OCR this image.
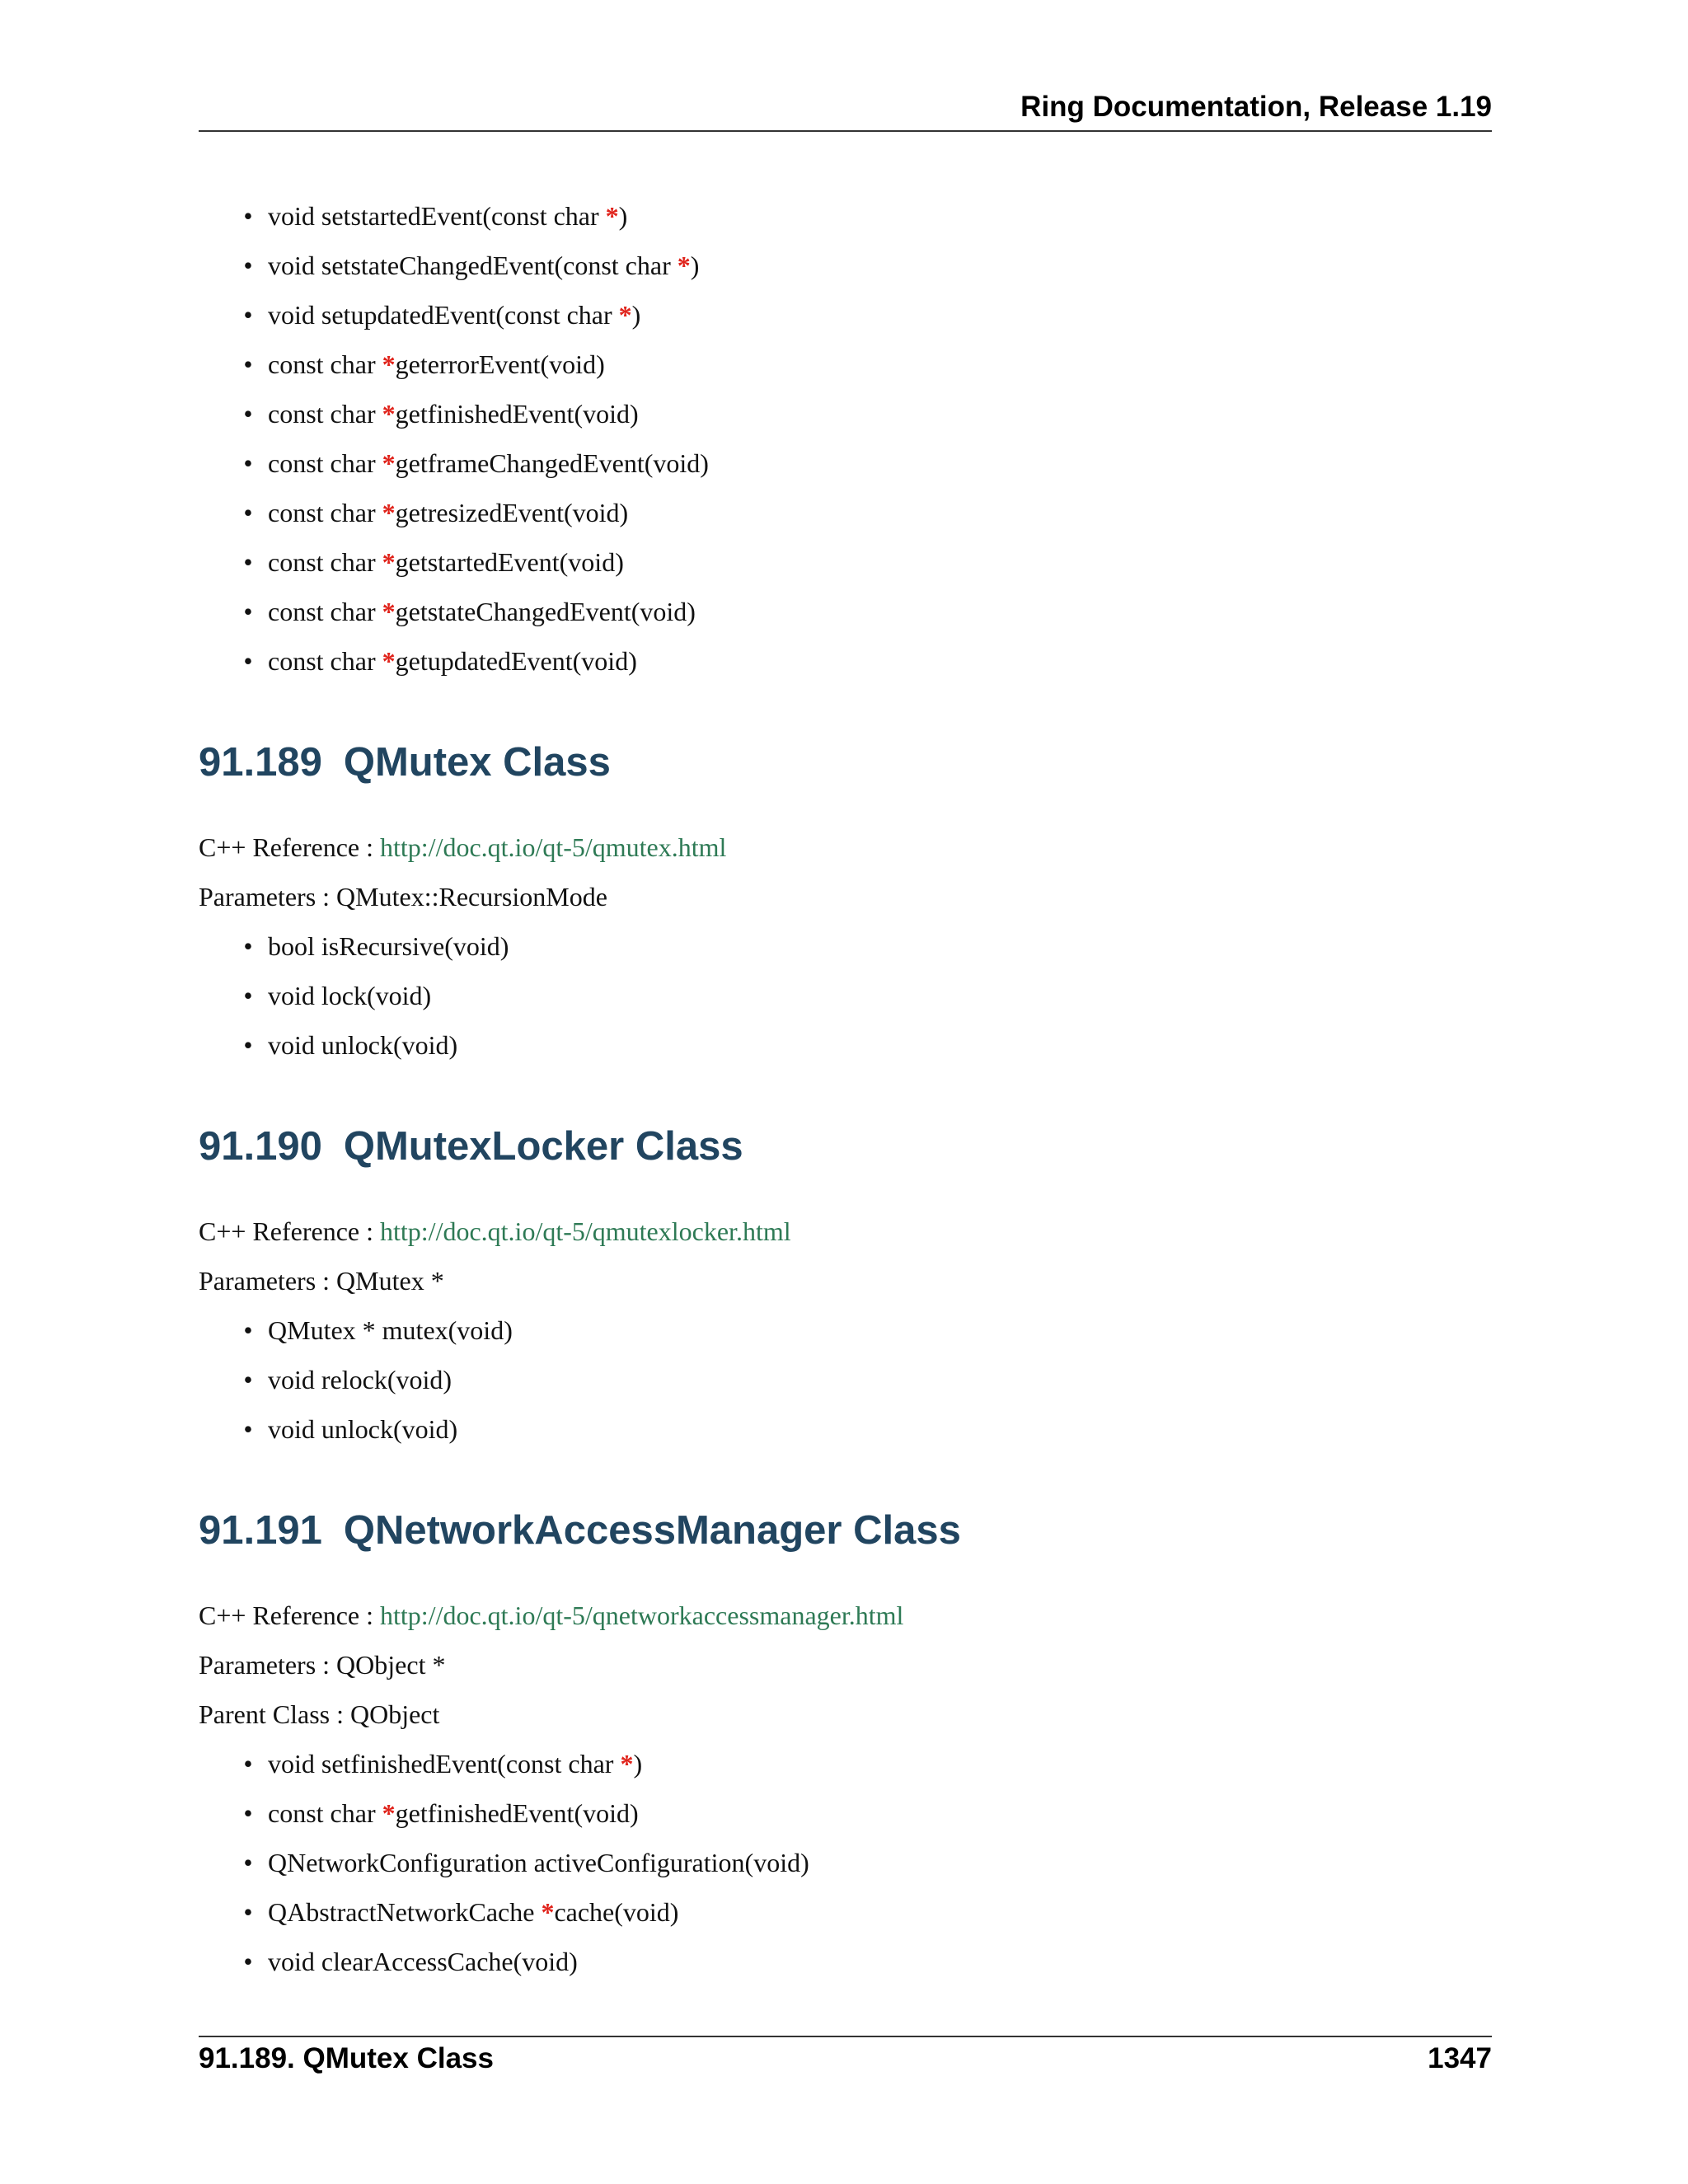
Ring Documentation, Release 1.19
• void setstartedEvent(const char *)
• void setstateChangedEvent(const char *)
• void setupdatedEvent(const char *)
• const char *geterrorEvent(void)
• const char *getfinishedEvent(void)
• const char *getframeChangedEvent(void)
• const char *getresizedEvent(void)
• const char *getstartedEvent(void)
• const char *getstateChangedEvent(void)
• const char *getupdatedEvent(void)
91.189 QMutex Class
C++ Reference : http://doc.qt.io/qt-5/qmutex.html
Parameters : QMutex::RecursionMode
• bool isRecursive(void)
• void lock(void)
• void unlock(void)
91.190 QMutexLocker Class
C++ Reference : http://doc.qt.io/qt-5/qmutexlocker.html
Parameters : QMutex *
• QMutex * mutex(void)
• void relock(void)
• void unlock(void)
91.191 QNetworkAccessManager Class
C++ Reference : http://doc.qt.io/qt-5/qnetworkaccessmanager.html
Parameters : QObject *
Parent Class : QObject
• void setfinishedEvent(const char *)
• const char *getfinishedEvent(void)
• QNetworkConfiguration activeConfiguration(void)
• QAbstractNetworkCache *cache(void)
• void clearAccessCache(void)
91.189. QMutex Class	1347
